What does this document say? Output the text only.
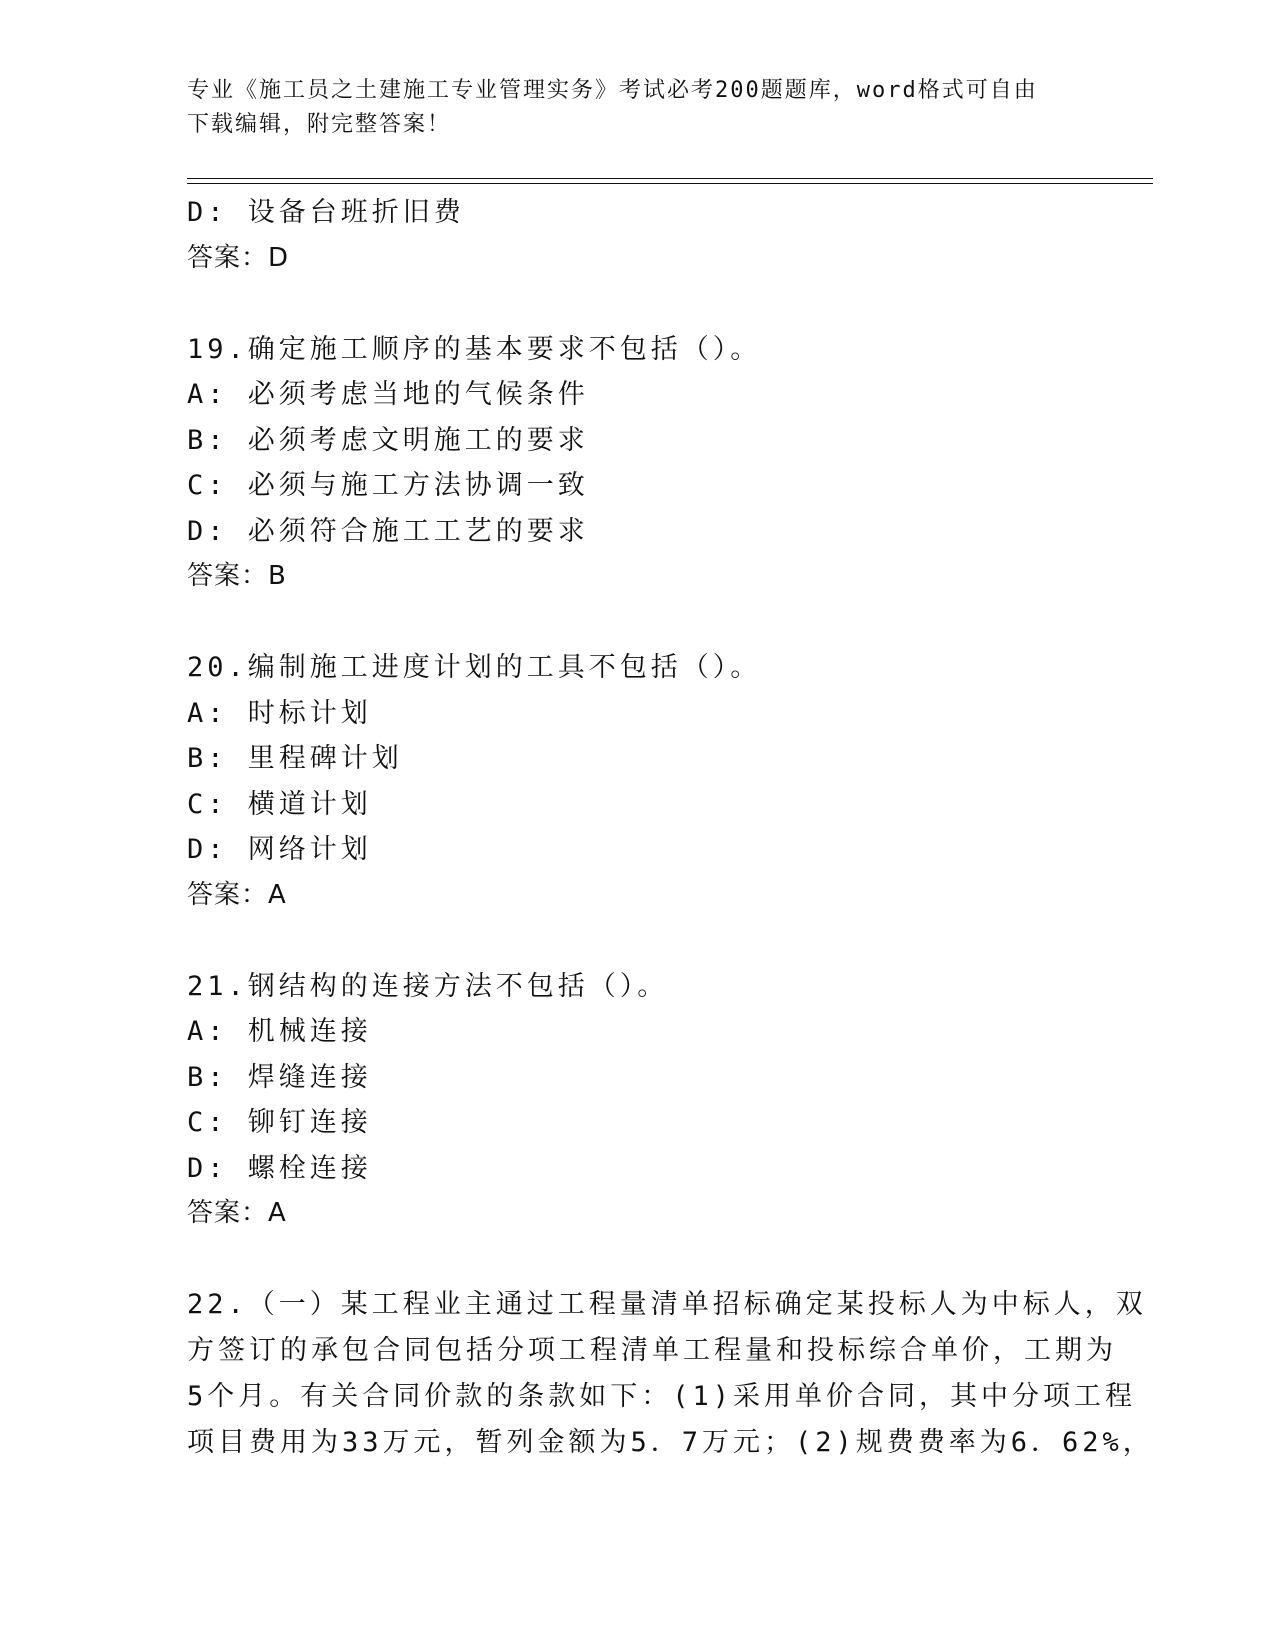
专业《施工员之土建施工专业管理实务》考试必考200题题库，word格式可自由
下载编辑，附完整答案！
D: 设备台班折旧费
答案：D
19.确定施工顺序的基本要求不包括（）。
A: 必须考虑当地的气候条件
B: 必须考虑文明施工的要求
C: 必须与施工方法协调一致
D: 必须符合施工工艺的要求
答案：B
20.编制施工进度计划的工具不包括（）。
A: 时标计划
B: 里程碑计划
C: 横道计划
D: 网络计划
答案：A
21.钢结构的连接方法不包括（）。
A: 机械连接
B: 焊缝连接
C: 铆钉连接
D: 螺栓连接
答案：A
22.（一）某工程业主通过工程量清单招标确定某投标人为中标人，双
方签订的承包合同包括分项工程清单工程量和投标综合单价，工期为
5个月。有关合同价款的条款如下：(1)采用单价合同，其中分项工程
项目费用为33万元，暂列金额为5．7万元；(2)规费费率为6．62%，
